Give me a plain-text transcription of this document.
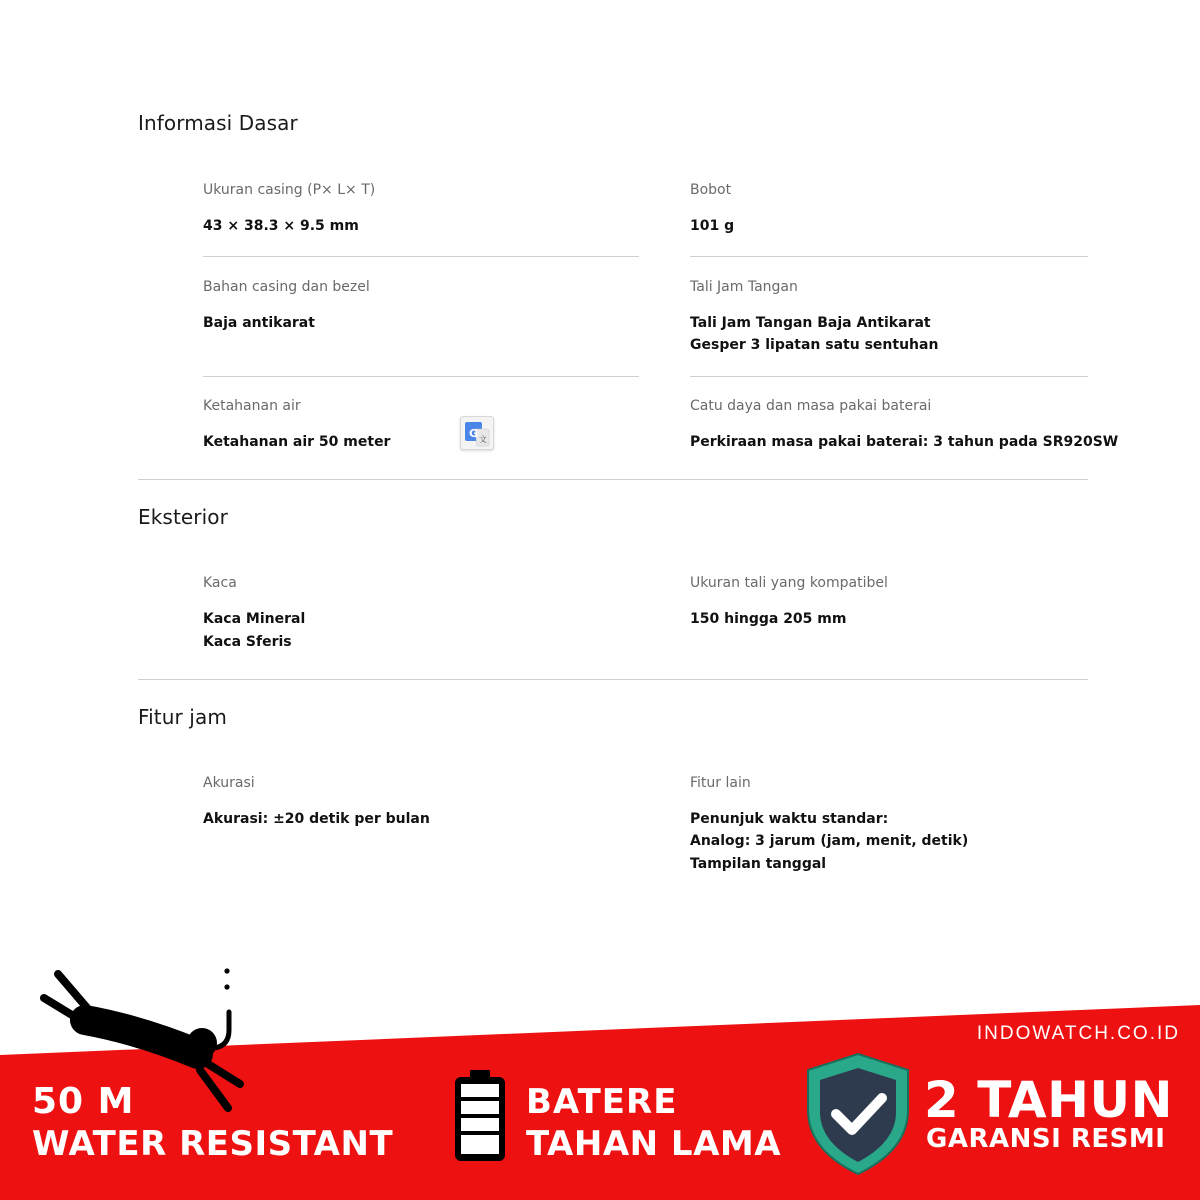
Informasi Dasar
Ukuran casing (P× L× T)
43 × 38.3 × 9.5 mm
Bobot
101 g
Bahan casing dan bezel
Baja antikarat
Tali Jam Tangan
Tali Jam Tangan Baja Antikarat
Gesper 3 lipatan satu sentuhan
Ketahanan air
Ketahanan air 50 meter
G 文
Catu daya dan masa pakai baterai
Perkiraan masa pakai baterai: 3 tahun pada SR920SW
Eksterior
Kaca
Kaca Mineral
Kaca Sferis
Ukuran tali yang kompatibel
150 hingga 205 mm
Fitur jam
Akurasi
Akurasi: ±20 detik per bulan
Fitur lain
Penunjuk waktu standar:
Analog: 3 jarum (jam, menit, detik)
Tampilan tanggal
INDOWATCH.CO.ID
50 M
WATER RESISTANT
BATERE
TAHAN LAMA
2 TAHUN
GARANSI RESMI
